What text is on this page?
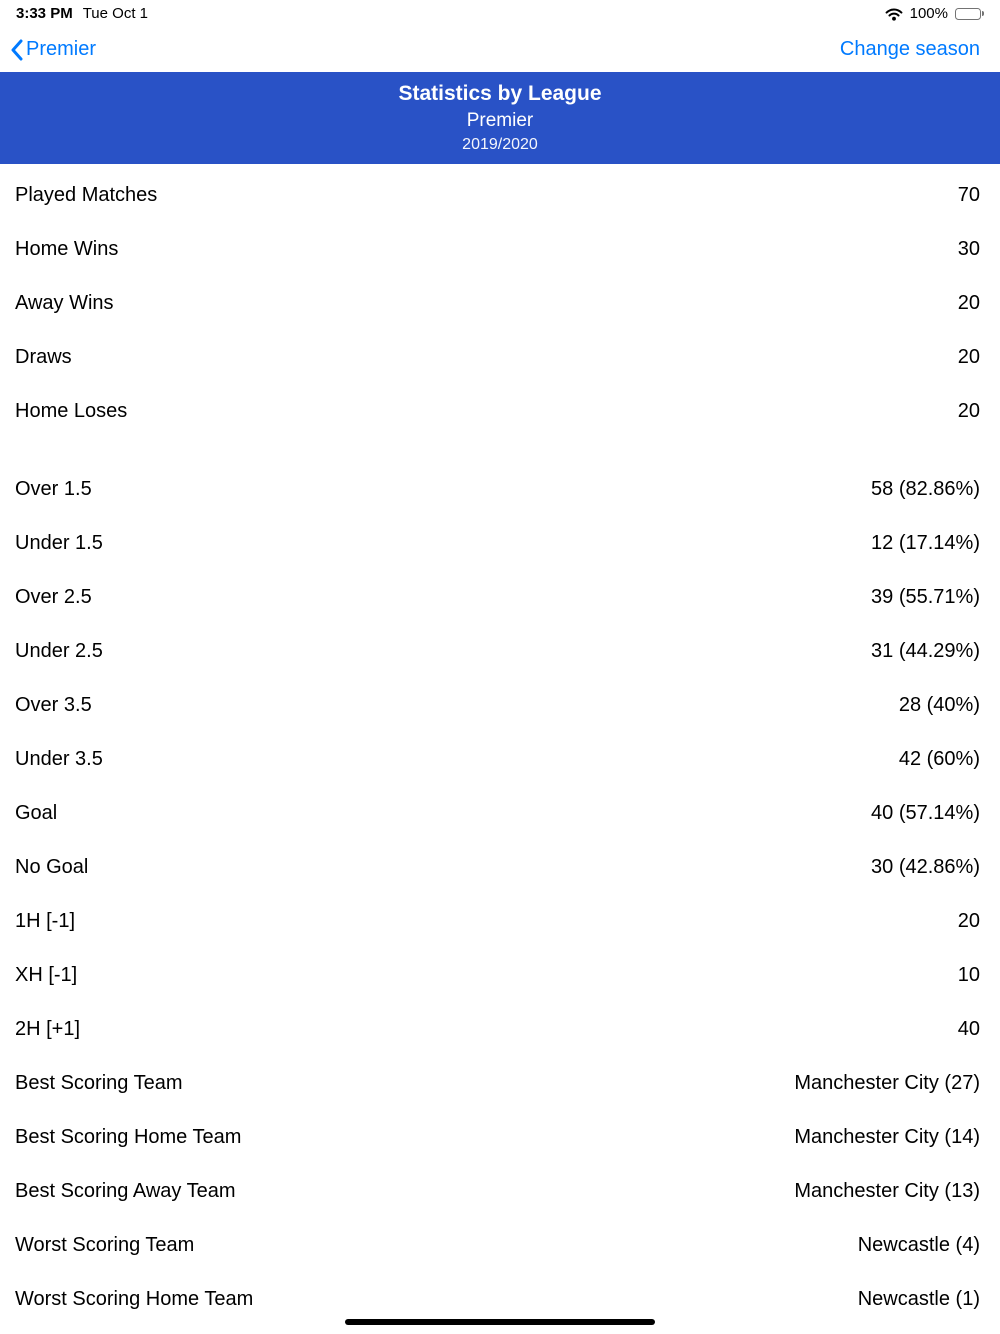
3:33 PM Tue Oct 1	100%
Premier	Change season
Statistics by League
Premier
2019/2020
Played Matches	70
Home Wins	30
Away Wins	20
Draws	20
Home Loses	20
Over 1.5	58 (82.86%)
Under 1.5	12 (17.14%)
Over 2.5	39 (55.71%)
Under 2.5	31 (44.29%)
Over 3.5	28 (40%)
Under 3.5	42 (60%)
Goal	40 (57.14%)
No Goal	30 (42.86%)
1H [-1]	20
XH [-1]	10
2H [+1]	40
Best Scoring Team	Manchester City (27)
Best Scoring Home Team	Manchester City (14)
Best Scoring Away Team	Manchester City (13)
Worst Scoring Team	Newcastle (4)
Worst Scoring Home Team	Newcastle (1)
